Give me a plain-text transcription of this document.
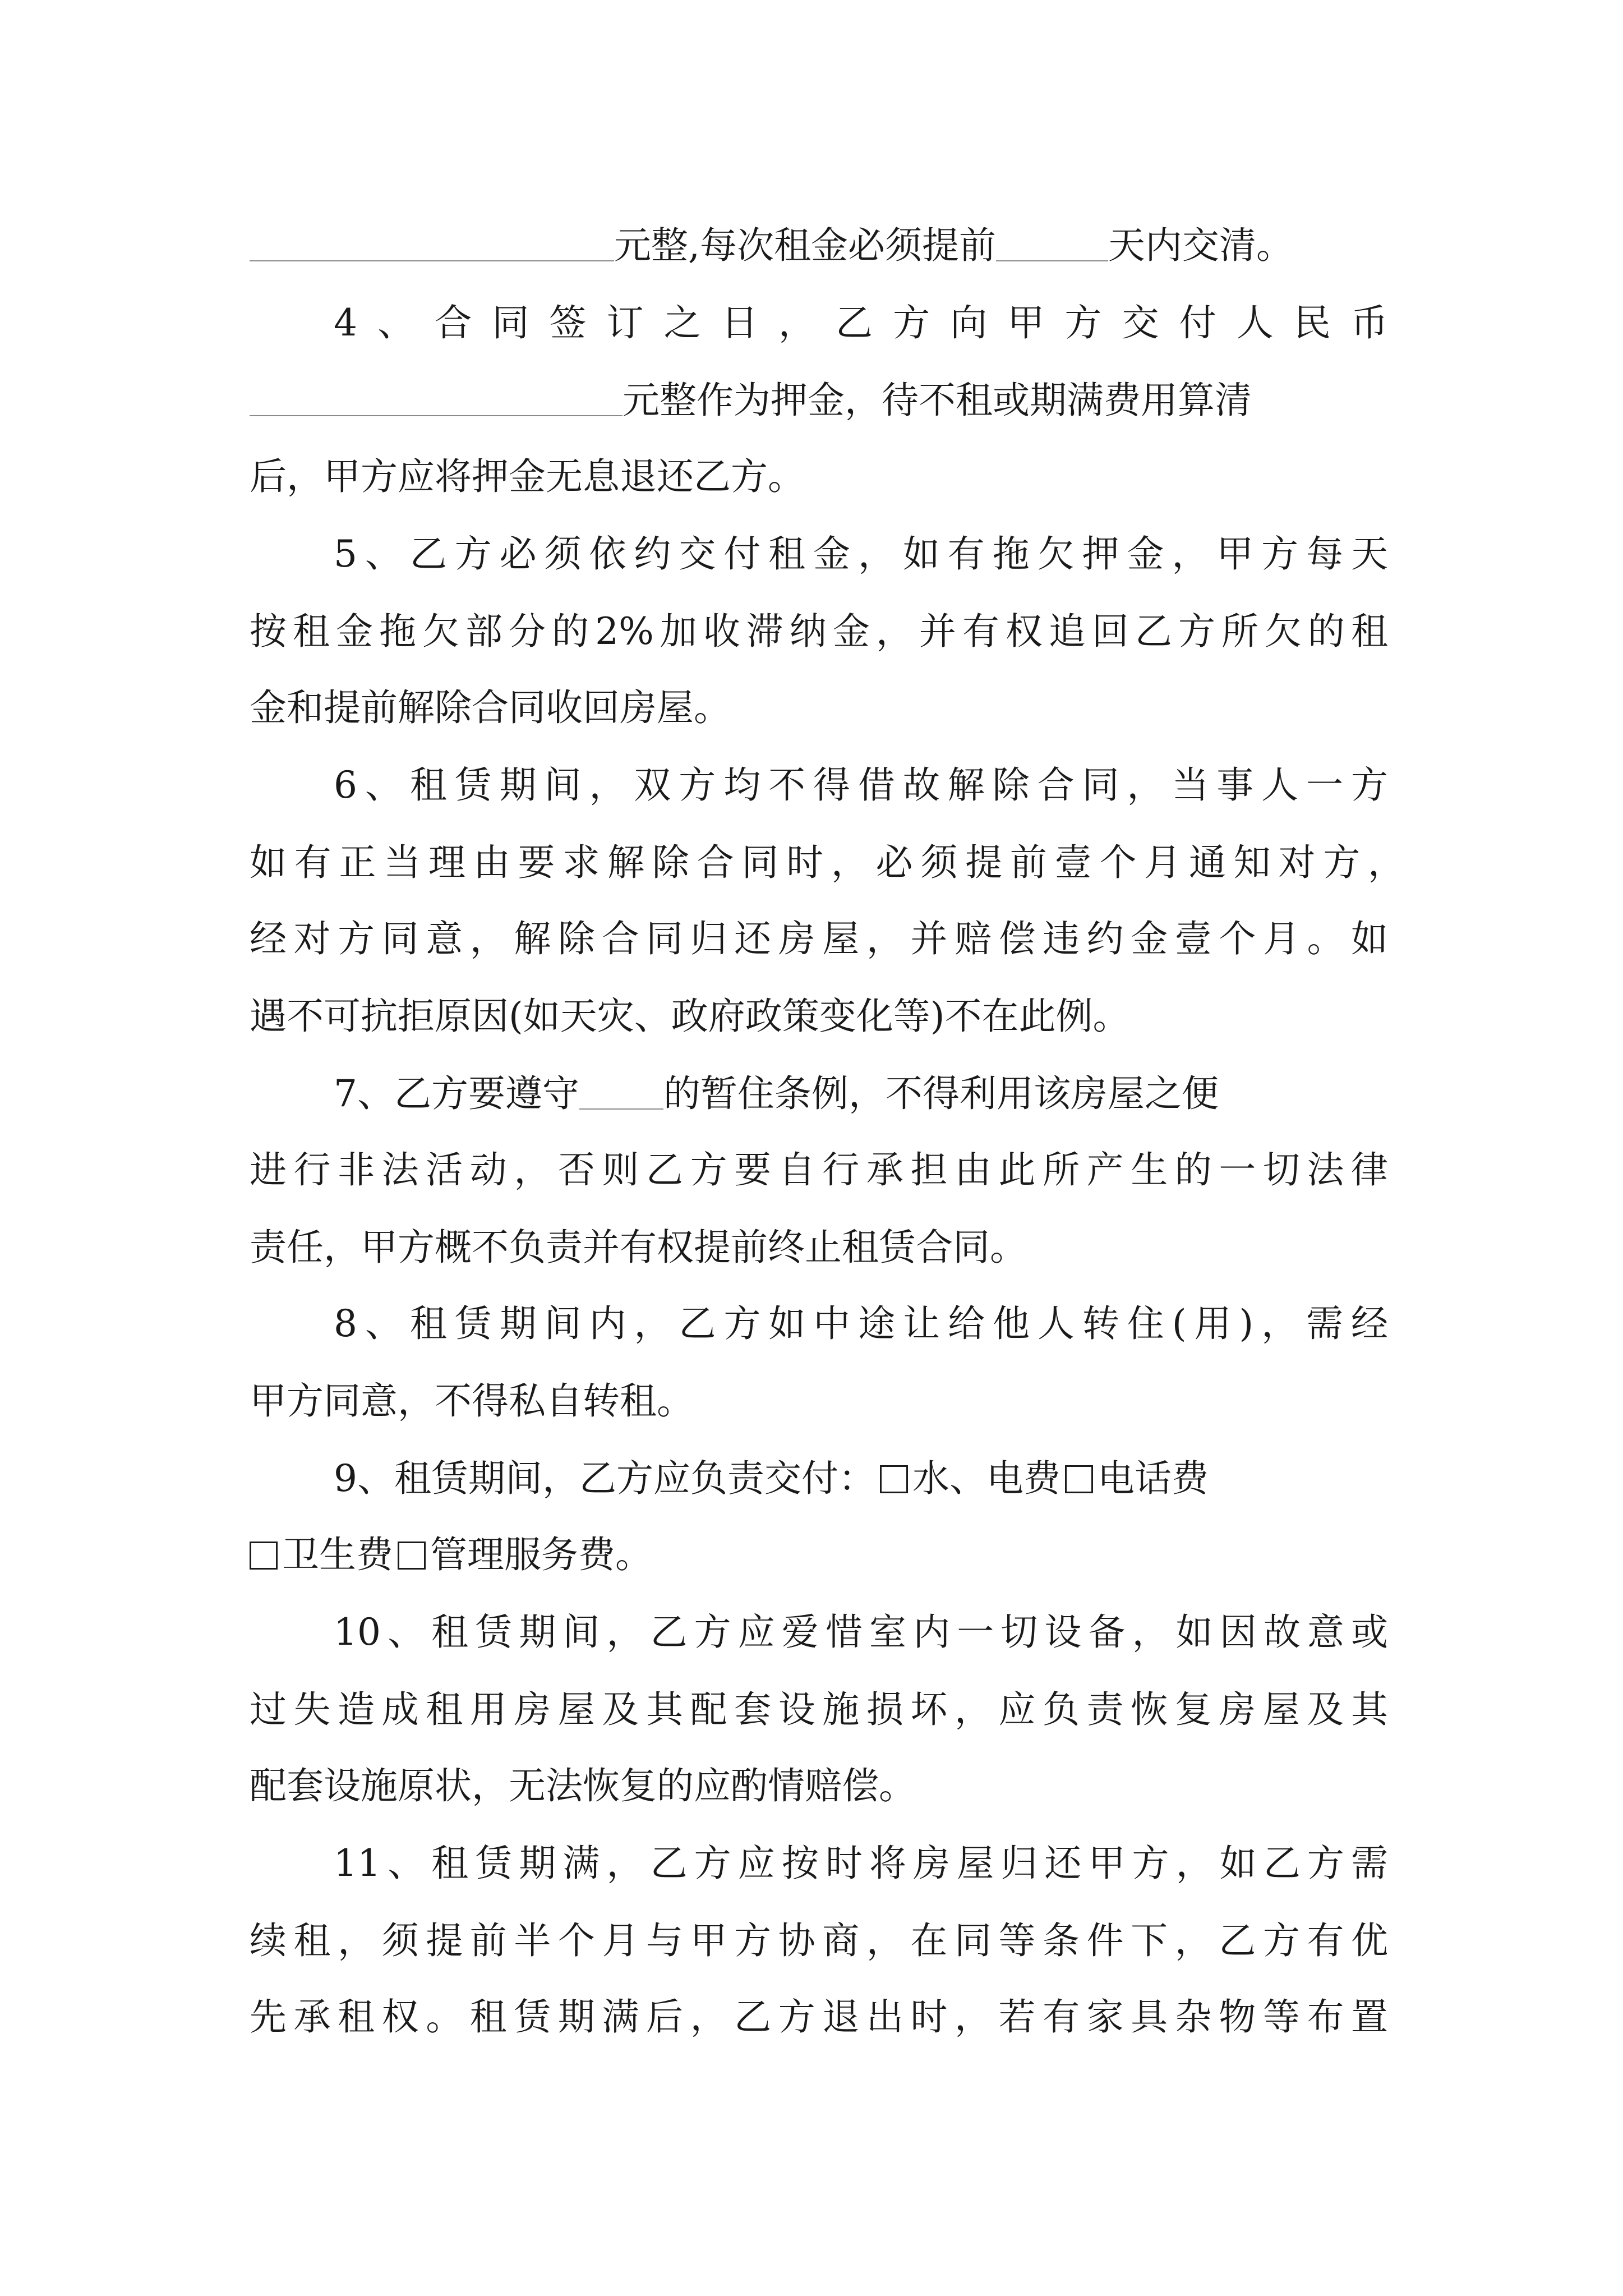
元整,每次租金必须提前	天内交清。
4、合同签订之日，乙方向甲方交付人民币
元整作为押金，待不租或期满费用算清
后，甲方应将押金无息退还乙方。
5、乙方必须依约交付租金，如有拖欠押金，甲方每天
按租金拖欠部分的2%加收滞纳金，并有权追回乙方所欠的租
金和提前解除合同收回房屋。
6、租赁期间，双方均不得借故解除合同，当事人一方
如有正当理由要求解除合同时，必须提前壹个月通知对方，
经对方同意，解除合同归还房屋，并赔偿违约金壹个月。如
遇不可抗拒原因(如天灾、政府政策变化等)不在此例。
7、乙方要遵守 的暂住条例，不得利用该房屋之便
进行非法活动，否则乙方要自行承担由此所产生的一切法律
责任，甲方概不负责并有权提前终止租赁合同。
8、租赁期间内，乙方如中途让给他人转住(用)，需经
甲方同意，不得私自转租。
9、租赁期间，乙方应负责交付： 水、电费 电话费
卫生费 管理服务费。
10、租赁期间，乙方应爱惜室内一切设备，如因故意或
过失造成租用房屋及其配套设施损坏，应负责恢复房屋及其
配套设施原状，无法恢复的应酌情赔偿。
11、租赁期满，乙方应按时将房屋归还甲方，如乙方需
续租，须提前半个月与甲方协商，在同等条件下，乙方有优
先承租权。租赁期满后，乙方退出时，若有家具杂物等布置
